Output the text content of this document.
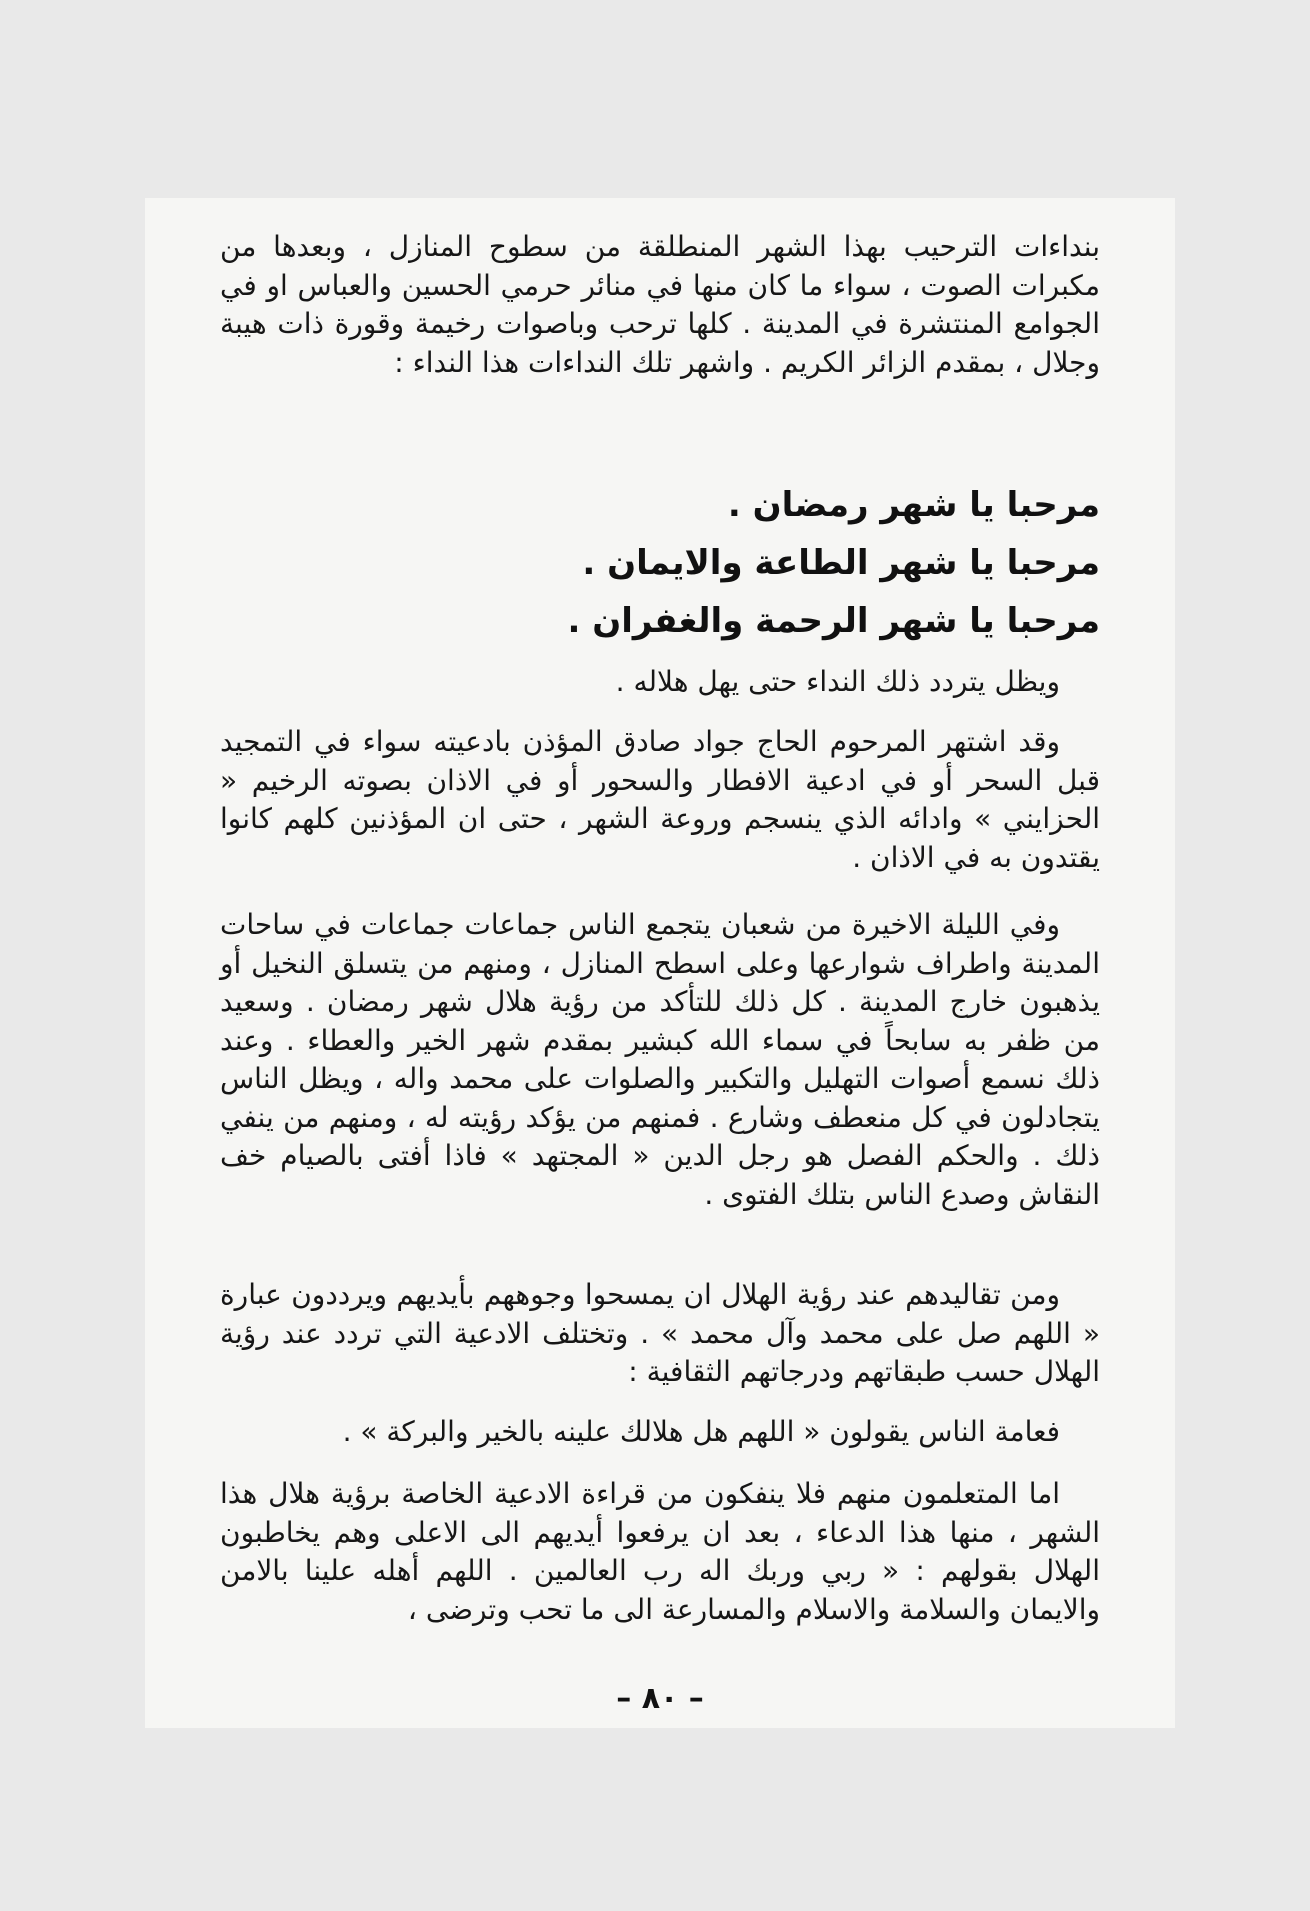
بنداءات الترحيب بهذا الشهر المنطلقة من سطوح المنازل ، وبعدها من مكبرات الصوت ، سواء ما كان منها في منائر حرمي الحسين والعباس او في الجوامع المنتشرة في المدينة . كلها ترحب وباصوات رخيمة وقورة ذات هيبة وجلال ، بمقدم الزائر الكريم . واشهر تلك النداءات هذا النداء :

مرحبا يا شهر رمضان .
مرحبا يا شهر الطاعة والايمان .
مرحبا يا شهر الرحمة والغفران .

ويظل يتردد ذلك النداء حتى يهل هلاله .

وقد اشتهر المرحوم الحاج جواد صادق المؤذن بادعيته سواء في التمجيد قبل السحر أو في ادعية الافطار والسحور أو في الاذان بصوته الرخيم « الحزايني » وادائه الذي ينسجم وروعة الشهر ، حتى ان المؤذنين كلهم كانوا يقتدون به في الاذان .

وفي الليلة الاخيرة من شعبان يتجمع الناس جماعات جماعات في ساحات المدينة واطراف شوارعها وعلى اسطح المنازل ، ومنهم من يتسلق النخيل أو يذهبون خارج المدينة . كل ذلك للتأكد من رؤية هلال شهر رمضان . وسعيد من ظفر به سابحاً في سماء الله كبشير بمقدم شهر الخير والعطاء . وعند ذلك نسمع أصوات التهليل والتكبير والصلوات على محمد واله ، ويظل الناس يتجادلون في كل منعطف وشارع . فمنهم من يؤكد رؤيته له ، ومنهم من ينفي ذلك . والحكم الفصل هو رجل الدين « المجتهد » فاذا أفتى بالصيام خف النقاش وصدع الناس بتلك الفتوى .

ومن تقاليدهم عند رؤية الهلال ان يمسحوا وجوههم بأيديهم ويرددون عبارة « اللهم صل على محمد وآل محمد » . وتختلف الادعية التي تردد عند رؤية الهلال حسب طبقاتهم ودرجاتهم الثقافية :

فعامة الناس يقولون « اللهم هل هلالك علينه بالخير والبركة » .

اما المتعلمون منهم فلا ينفكون من قراءة الادعية الخاصة برؤية هلال هذا الشهر ، منها هذا الدعاء ، بعد ان يرفعوا أيديهم الى الاعلى وهم يخاطبون الهلال بقولهم : « ربي وربك اله رب العالمين . اللهم أهله علينا بالامن والايمان والسلامة والاسلام والمسارعة الى ما تحب وترضى ،

– ٨٠ –
